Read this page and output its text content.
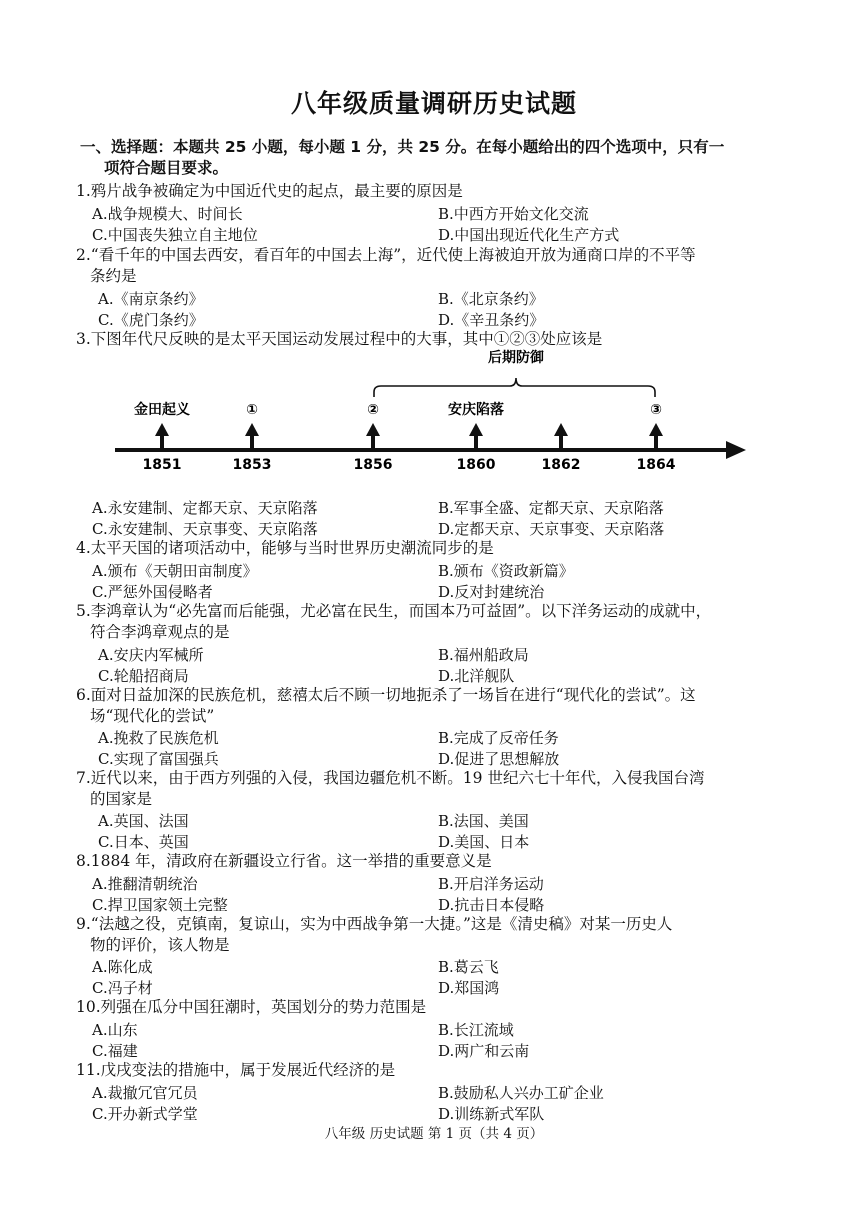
八年级质量调研历史试题
一、选择题：本题共 25 小题，每小题 1 分，共 25 分。在每小题给出的四个选项中，只有一
项符合题目要求。
1.鸦片战争被确定为中国近代史的起点，最主要的原因是
A.战争规模大、时间长	B.中西方开始文化交流
C.中国丧失独立自主地位	D.中国出现近代化生产方式
2.“看千年的中国去西安，看百年的中国去上海”，近代使上海被迫开放为通商口岸的不平等
条约是
A.《南京条约》	B.《北京条约》
C.《虎门条约》	D.《辛丑条约》
3.下图年代尺反映的是太平天国运动发展过程中的大事，其中①②③处应该是
后期防御
1851
金田起义
1853
①
1856
②
1860
安庆陷落
1862	1864
③
A.永安建制、定都天京、天京陷落	B.军事全盛、定都天京、天京陷落
C.永安建制、天京事变、天京陷落	D.定都天京、天京事变、天京陷落
4.太平天国的诸项活动中，能够与当时世界历史潮流同步的是
A.颁布《天朝田亩制度》	B.颁布《资政新篇》
C.严惩外国侵略者	D.反对封建统治
5.李鸿章认为“必先富而后能强，尤必富在民生，而国本乃可益固”。以下洋务运动的成就中，
符合李鸿章观点的是
A.安庆内军械所	B.福州船政局
C.轮船招商局	D.北洋舰队
6.面对日益加深的民族危机，慈禧太后不顾一切地扼杀了一场旨在进行“现代化的尝试”。这
场“现代化的尝试”
A.挽救了民族危机	B.完成了反帝任务
C.实现了富国强兵	D.促进了思想解放
7.近代以来，由于西方列强的入侵，我国边疆危机不断。19 世纪六七十年代，入侵我国台湾
的国家是
A.英国、法国	B.法国、美国
C.日本、英国	D.美国、日本
8.1884 年，清政府在新疆设立行省。这一举措的重要意义是
A.推翻清朝统治	B.开启洋务运动
C.捍卫国家领土完整	D.抗击日本侵略
9.“法越之役，克镇南，复谅山，实为中西战争第一大捷。”这是《清史稿》对某一历史人
物的评价，该人物是
A.陈化成	B.葛云飞
C.冯子材	D.郑国鸿
10.列强在瓜分中国狂潮时，英国划分的势力范围是
A.山东	B.长江流域
C.福建	D.两广和云南
11.戊戌变法的措施中，属于发展近代经济的是
A.裁撤冗官冗员	B.鼓励私人兴办工矿企业
C.开办新式学堂	D.训练新式军队
八年级 历史试题 第 1 页（共 4 页）
